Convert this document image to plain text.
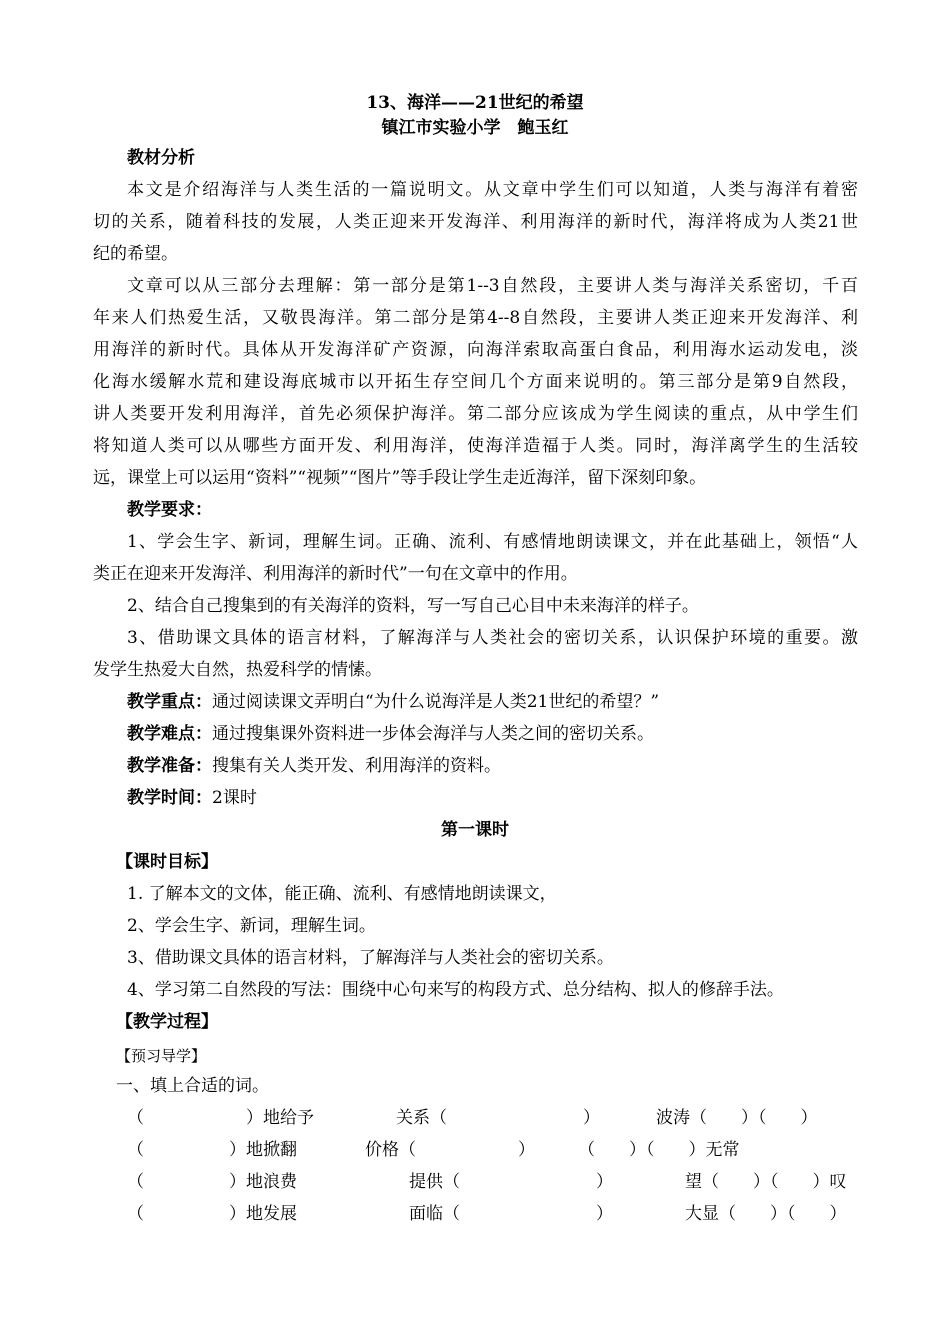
13、海洋——21世纪的希望
镇江市实验小学　鲍玉红
教材分析
本文是介绍海洋与人类生活的一篇说明文。从文章中学生们可以知道，人类与海洋有着密
切的关系，随着科技的发展，人类正迎来开发海洋、利用海洋的新时代，海洋将成为人类21世
纪的希望。
文章可以从三部分去理解：第一部分是第1--3自然段，主要讲人类与海洋关系密切，千百
年来人们热爱生活，又敬畏海洋。第二部分是第4--8自然段，主要讲人类正迎来开发海洋、利
用海洋的新时代。具体从开发海洋矿产资源，向海洋索取高蛋白食品，利用海水运动发电，淡
化海水缓解水荒和建设海底城市以开拓生存空间几个方面来说明的。第三部分是第9自然段，
讲人类要开发利用海洋，首先必须保护海洋。第二部分应该成为学生阅读的重点，从中学生们
将知道人类可以从哪些方面开发、利用海洋，使海洋造福于人类。同时，海洋离学生的生活较
远，课堂上可以运用“资料”“视频”“图片”等手段让学生走近海洋，留下深刻印象。
教学要求：
1、学会生字、新词，理解生词。正确、流利、有感情地朗读课文，并在此基础上，领悟“人
类正在迎来开发海洋、利用海洋的新时代”一句在文章中的作用。
2、结合自己搜集到的有关海洋的资料，写一写自己心目中未来海洋的样子。
3、借助课文具体的语言材料，了解海洋与人类社会的密切关系，认识保护环境的重要。激
发学生热爱大自然，热爱科学的情愫。
教学重点：通过阅读课文弄明白“为什么说海洋是人类21世纪的希望？”
教学难点：通过搜集课外资料进一步体会海洋与人类之间的密切关系。
教学准备：搜集有关人类开发、利用海洋的资料。
教学时间：2课时
第一课时
【课时目标】
1. 了解本文的文体，能正确、流利、有感情地朗读课文，
2、学会生字、新词，理解生词。
3、借助课文具体的语言材料，了解海洋与人类社会的密切关系。
4、学习第二自然段的写法：围绕中心句来写的构段方式、总分结构、拟人的修辞手法。
【教学过程】
【预习导学】
一、填上合适的词。
（　　　　　　）地给予	关系（　　　　　　　　）	波涛（　　）（　　）
（　　　　　）地掀翻	价格（　　　　　　）	（　　）（　　）无常
（　　　　　）地浪费	提供（　　　　　　　　）	望（　　）（　　）叹
（　　　　　）地发展	面临（　　　　　　　　）	大显（　　）（　　）
